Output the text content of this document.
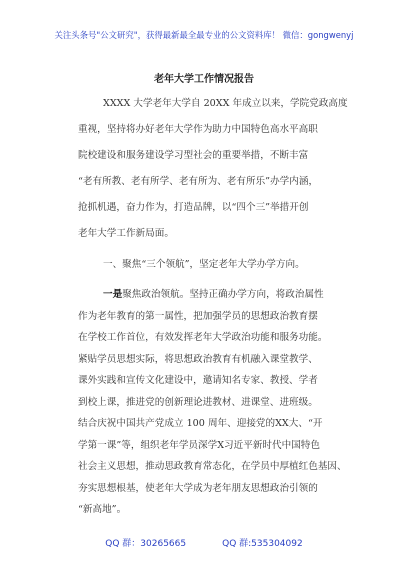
关注头条号"公文研究"，获得最新最全最专业的公文资料库！ 微信：gongwenyj
老年大学工作情况报告
XXXX 大学老年大学自 20XX 年成立以来，学院党政高度
重视，坚持将办好老年大学作为助力中国特色高水平高职
院校建设和服务建设学习型社会的重要举措，不断丰富
“老有所教、老有所学、老有所为、老有所乐”办学内涵，
抢抓机遇，奋力作为，打造品牌，以“四个三”举措开创
老年大学工作新局面。
一、聚焦“三个领航”，坚定老年大学办学方向。
一是聚焦政治领航。坚持正确办学方向，将政治属性
作为老年教育的第一属性，把加强学员的思想政治教育摆
在学校工作首位，有效发挥老年大学政治功能和服务功能。
紧贴学员思想实际，将思想政治教育有机融入课堂教学、
课外实践和宣传文化建设中，邀请知名专家、教授、学者
到校上课，推进党的创新理论进教材、进课堂、进班级。
结合庆祝中国共产党成立 100 周年、迎接党的XX大、“开
学第一课”等，组织老年学员深学X习近平新时代中国特色
社会主义思想，推动思政教育常态化，在学员中厚植红色基因、
QQ 群：30265665	QQ 群:535304092
夯实思想根基，使老年大学成为老年朋友思想政治引领的
“新高地”。
